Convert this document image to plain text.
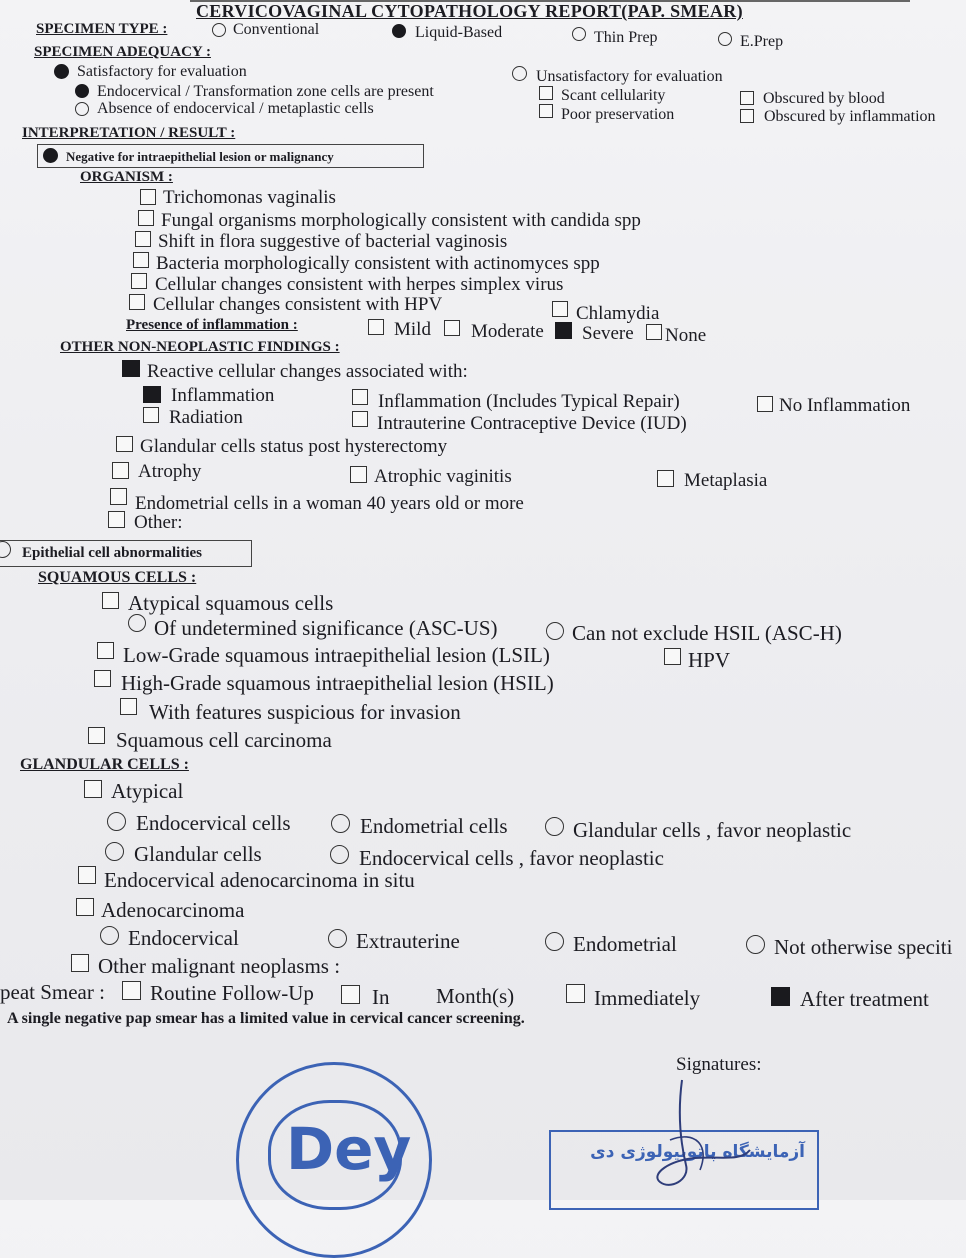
CERVICOVAGINAL CYTOPATHOLOGY REPORT(PAP. SMEAR)
SPECIMEN TYPE :	Conventional	Liquid-Based	Thin Prep	E.Prep
SPECIMEN ADEQUACY :
Satisfactory for evaluation
Endocervical / Transformation zone cells are present
Absence of endocervical / metaplastic cells
Unsatisfactory for evaluation
Scant cellularity
Poor preservation
Obscured by blood
Obscured by inflammation
INTERPRETATION / RESULT :
Negative for intraepithelial lesion or malignancy
ORGANISM :
Trichomonas vaginalis
Fungal organisms morphologically consistent with candida spp
Shift in flora suggestive of bacterial vaginosis
Bacteria morphologically consistent with actinomyces spp
Cellular changes consistent with herpes simplex virus
Cellular changes consistent with HPV	Chlamydia
Presence of inflammation :	Mild Moderate Severe None
OTHER NON-NEOPLASTIC FINDINGS :
Reactive cellular changes associated with:
Inflammation
Radiation
Inflammation (Includes Typical Repair)
Intrauterine Contraceptive Device (IUD)
No Inflammation
Glandular cells status post hysterectomy
Atrophy	Atrophic vaginitis	Metaplasia
Endometrial cells in a woman 40 years old or more
Other:
Epithelial cell abnormalities
SQUAMOUS CELLS :
Atypical squamous cells
Of undetermined significance (ASC-US)	Can not exclude HSIL (ASC-H)
Low-Grade squamous intraepithelial lesion (LSIL)	HPV
High-Grade squamous intraepithelial lesion (HSIL)
With features suspicious for invasion
Squamous cell carcinoma
GLANDULAR CELLS :
Atypical
Endocervical cells	Endometrial cells	Glandular cells , favor neoplastic
Glandular cells	Endocervical cells , favor neoplastic
Endocervical adenocarcinoma in situ
Adenocarcinoma
Endocervical	Extrauterine	Endometrial	Not otherwise speciti
Other malignant neoplasms :
peat Smear : Routine Follow-Up	In Month(s)	Immediately	After treatment
A single negative pap smear has a limited value in cervical cancer screening.
Signatures:
Dey	آزمایشگاه پاتوبیولوژی دی
